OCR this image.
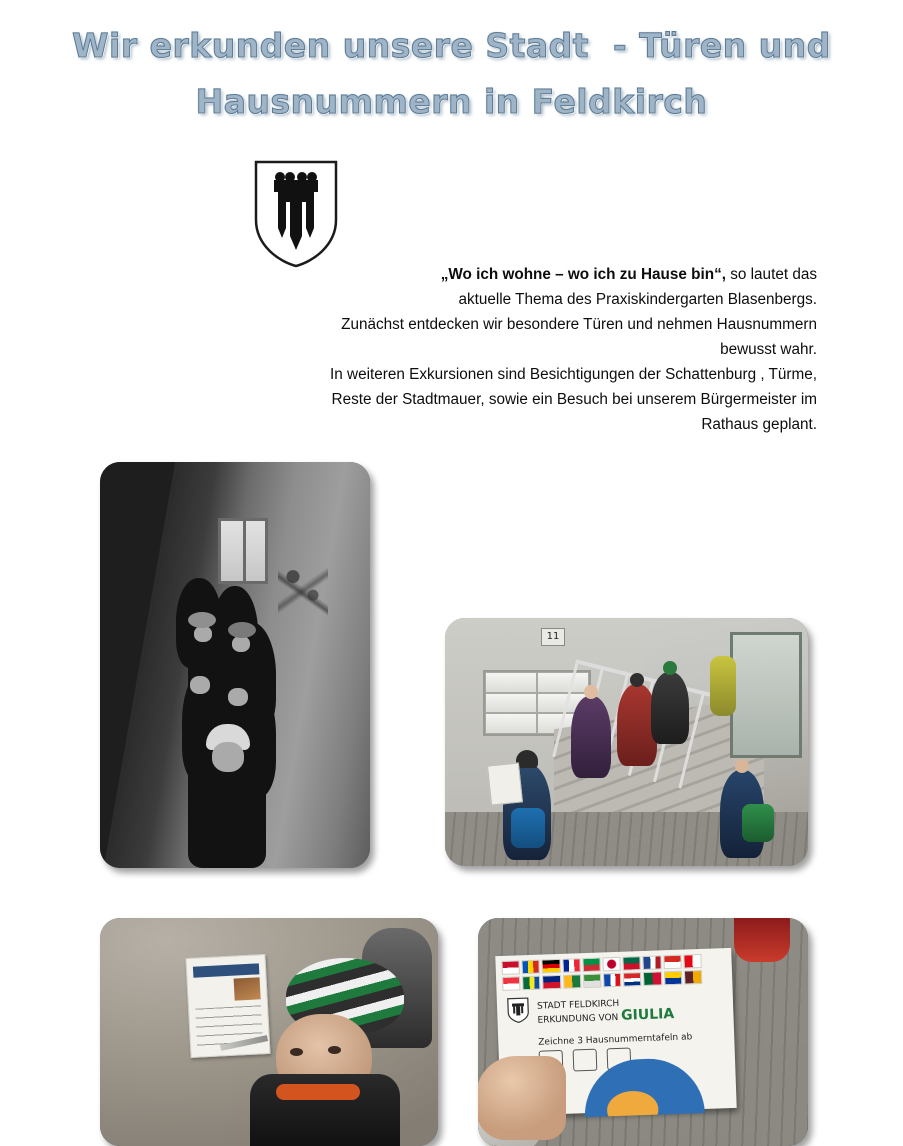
Wir erkunden unsere Stadt  - Türen und
Hausnummern in Feldkirch

„Wo ich wohne – wo ich zu Hause bin“, so lautet das

aktuelle Thema des Praxiskindergarten Blasenbergs.

Zunächst entdecken wir besondere Türen und nehmen Hausnummern bewusst wahr.

In weiteren Exkursionen sind Besichtigungen der Schattenburg , Türme,

Reste der Stadtmauer, sowie ein Besuch bei unserem Bürgermeister im Rathaus geplant.

11
STADT FELDKIRCH
ERKUNDUNG VON GIULIA
Zeichne 3 Hausnummerntafeln ab
